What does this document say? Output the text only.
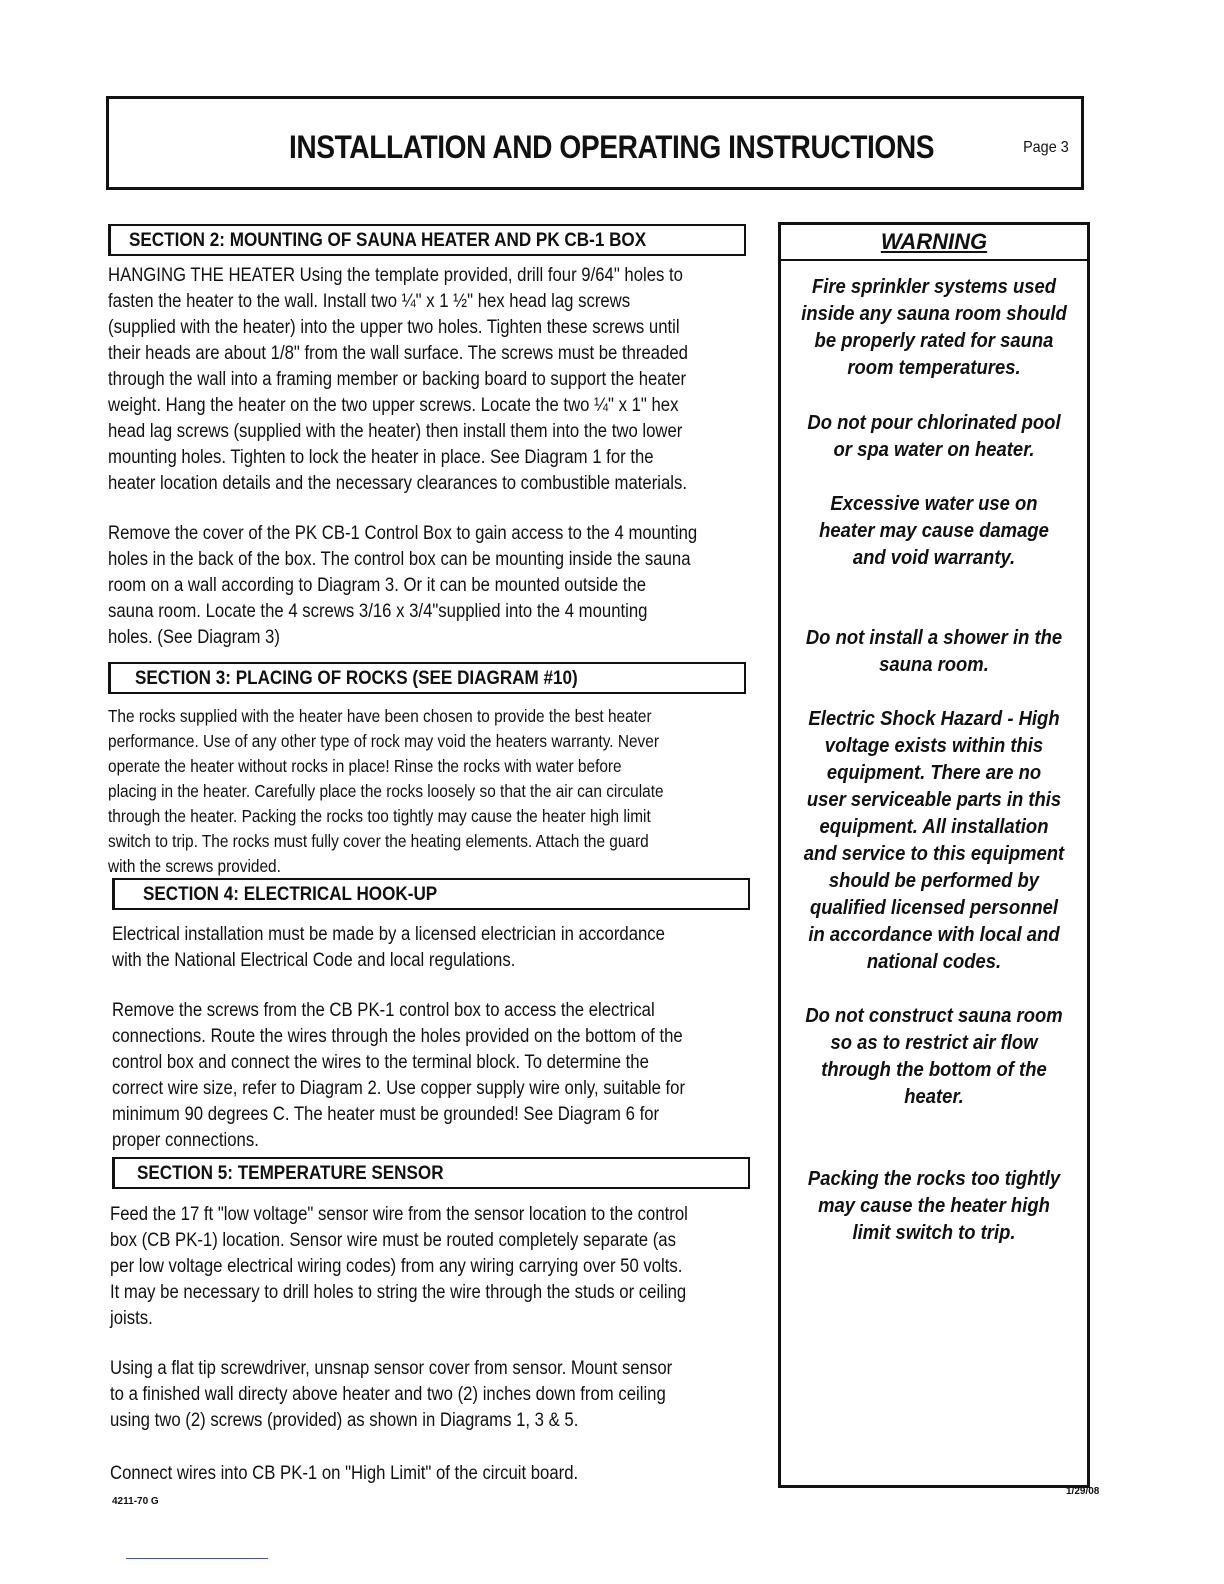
INSTALLATION AND OPERATING INSTRUCTIONS	Page 3
SECTION 2: MOUNTING OF SAUNA HEATER AND PK CB-1 BOX
HANGING THE HEATER Using the template provided, drill four 9/64" holes to
fasten the heater to the wall. Install two ¼" x 1 ½" hex head lag screws
(supplied with the heater) into the upper two holes. Tighten these screws until
their heads are about 1/8" from the wall surface. The screws must be threaded
through the wall into a framing member or backing board to support the heater
weight. Hang the heater on the two upper screws. Locate the two ¼" x 1" hex
head lag screws (supplied with the heater) then install them into the two lower
mounting holes. Tighten to lock the heater in place. See Diagram 1 for the
heater location details and the necessary clearances to combustible materials.
Remove the cover of the PK CB-1 Control Box to gain access to the 4 mounting
holes in the back of the box. The control box can be mounting inside the sauna
room on a wall according to Diagram 3. Or it can be mounted outside the
sauna room. Locate the 4 screws 3/16 x 3/4"supplied into the 4 mounting
holes. (See Diagram 3)
SECTION 3: PLACING OF ROCKS (SEE DIAGRAM #10)
The rocks supplied with the heater have been chosen to provide the best heater
performance. Use of any other type of rock may void the heaters warranty. Never
operate the heater without rocks in place! Rinse the rocks with water before
placing in the heater. Carefully place the rocks loosely so that the air can circulate
through the heater. Packing the rocks too tightly may cause the heater high limit
switch to trip. The rocks must fully cover the heating elements. Attach the guard
with the screws provided.
SECTION 4: ELECTRICAL HOOK-UP
Electrical installation must be made by a licensed electrician in accordance
with the National Electrical Code and local regulations.
Remove the screws from the CB PK-1 control box to access the electrical
connections. Route the wires through the holes provided on the bottom of the
control box and connect the wires to the terminal block. To determine the
correct wire size, refer to Diagram 2. Use copper supply wire only, suitable for
minimum 90 degrees C. The heater must be grounded! See Diagram 6 for
proper connections.
SECTION 5: TEMPERATURE SENSOR
Feed the 17 ft "low voltage" sensor wire from the sensor location to the control
box (CB PK-1) location. Sensor wire must be routed completely separate (as
per low voltage electrical wiring codes) from any wiring carrying over 50 volts.
It may be necessary to drill holes to string the wire through the studs or ceiling
joists.
Using a flat tip screwdriver, unsnap sensor cover from sensor. Mount sensor
to a finished wall directy above heater and two (2) inches down from ceiling
using two (2) screws (provided) as shown in Diagrams 1, 3 & 5.
Connect wires into CB PK-1 on "High Limit" of the circuit board.
WARNING
Fire sprinkler systems used
inside any sauna room should
be properly rated for sauna
room temperatures.
Do not pour chlorinated pool
or spa water on heater.
Excessive water use on
heater may cause damage
and void warranty.
Do not install a shower in the
sauna room.
Electric Shock Hazard - High
voltage exists within this
equipment. There are no
user serviceable parts in this
equipment. All installation
and service to this equipment
should be performed by
qualified licensed personnel
in accordance with local and
national codes.
Do not construct sauna room
so as to restrict air flow
through the bottom of the
heater.
Packing the rocks too tightly
may cause the heater high
limit switch to trip.
4211-70 G
1/29/08
